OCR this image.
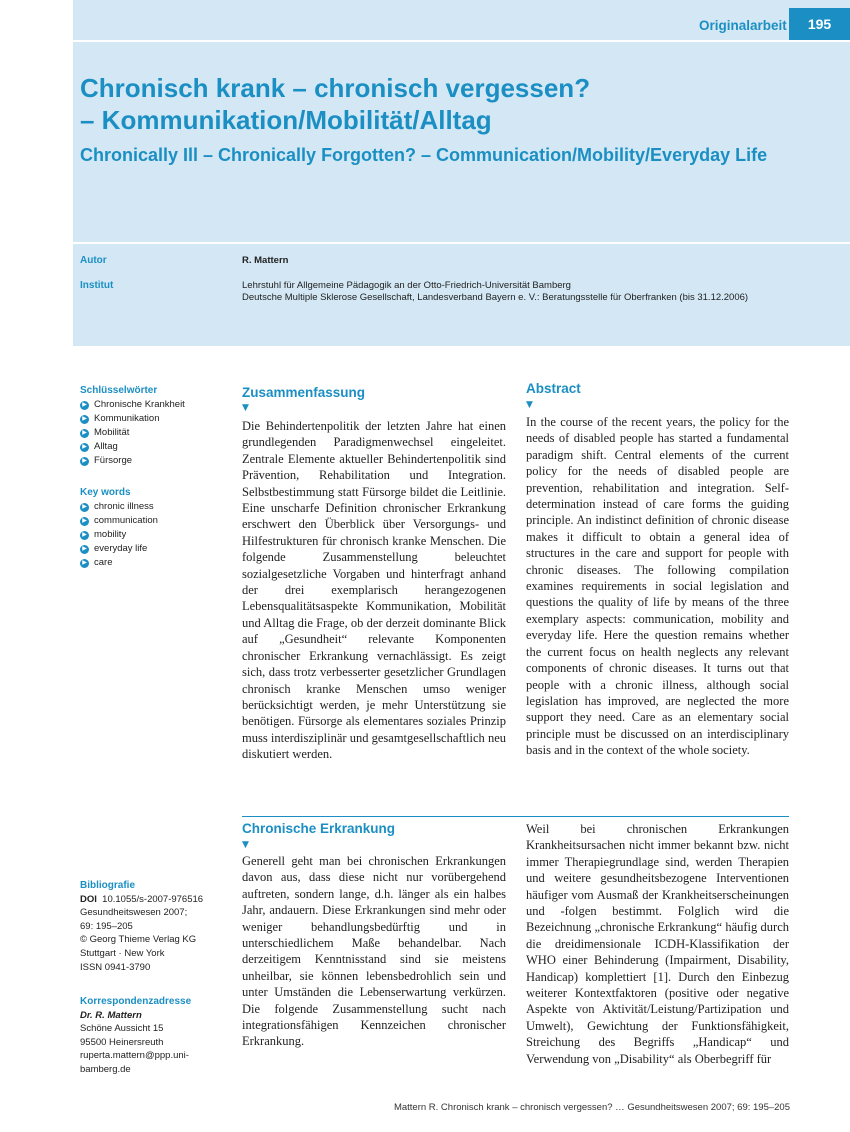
Originalarbeit	195
Chronisch krank – chronisch vergessen?
– Kommunikation/Mobilität/Alltag
Chronically Ill – Chronically Forgotten? – Communication/Mobility/Everyday Life
Autor	R. Mattern
Institut	Lehrstuhl für Allgemeine Pädagogik an der Otto-Friedrich-Universität Bamberg
Deutsche Multiple Sklerose Gesellschaft, Landesverband Bayern e. V.: Beratungsstelle für Oberfranken (bis 31.12.2006)
Schlüsselwörter
▶ Chronische Krankheit
▶ Kommunikation
▶ Mobilität
▶ Alltag
▶ Fürsorge
Key words
▶ chronic illness
▶ communication
▶ mobility
▶ everyday life
▶ care
Zusammenfassung
▼

Die Behindertenpolitik der letzten Jahre hat einen grundlegenden Paradigmenwechsel eingeleitet. Zentrale Elemente aktueller Behindertenpolitik sind Prävention, Rehabilitation und Integration. Selbstbestimmung statt Fürsorge bildet die Leitlinie. Eine unscharfe Definition chronischer Erkrankung erschwert den Überblick über Versorgungs- und Hilfestrukturen für chronisch kranke Menschen. Die folgende Zusammenstellung beleuchtet sozialgesetzliche Vorgaben und hinterfragt anhand der drei exemplarisch herangezogenen Lebensqualitätsaspekte Kommunikation, Mobilität und Alltag die Frage, ob der derzeit dominante Blick auf „Gesundheit“ relevante Komponenten chronischer Erkrankung vernachlässigt. Es zeigt sich, dass trotz verbesserter gesetzlicher Grundlagen chronisch kranke Menschen umso weniger berücksichtigt werden, je mehr Unterstützung sie benötigen. Fürsorge als elementares soziales Prinzip muss interdisziplinär und gesamtgesellschaftlich neu diskutiert werden.

Abstract
▼

In the course of the recent years, the policy for the needs of disabled people has started a fundamental paradigm shift. Central elements of the current policy for the needs of disabled people are prevention, rehabilitation and integration. Self-determination instead of care forms the guiding principle. An indistinct definition of chronic disease makes it difficult to obtain a general idea of structures in the care and support for people with chronic diseases. The following compilation examines requirements in social legislation and questions the quality of life by means of the three exemplary aspects: communication, mobility and everyday life. Here the question remains whether the current focus on health neglects any relevant components of chronic diseases. It turns out that people with a chronic illness, although social legislation has improved, are neglected the more support they need. Care as an elementary social principle must be discussed on an interdisciplinary basis and in the context of the whole society.

Chronische Erkrankung
▼

Generell geht man bei chronischen Erkrankungen davon aus, dass diese nicht nur vorübergehend auftreten, sondern lange, d.h. länger als ein halbes Jahr, andauern. Diese Erkrankungen sind mehr oder weniger behandlungsbedürftig und in unterschiedlichem Maße behandelbar. Nach derzeitigem Kenntnisstand sind sie meistens unheilbar, sie können lebensbedrohlich sein und unter Umständen die Lebenserwartung verkürzen. Die folgende Zusammenstellung sucht nach integrationsfähigen Kennzeichen chronischer Erkrankung.

Weil bei chronischen Erkrankungen Krankheitsursachen nicht immer bekannt bzw. nicht immer Therapiegrundlage sind, werden Therapien und weitere gesundheitsbezogene Interventionen häufiger vom Ausmaß der Krankheitserscheinungen und -folgen bestimmt. Folglich wird die Bezeichnung „chronische Erkrankung“ häufig durch die dreidimensionale ICDH-Klassifikation der WHO einer Behinderung (Impairment, Disability, Handicap) komplettiert [1]. Durch den Einbezug weiterer Kontextfaktoren (positive oder negative Aspekte von Aktivität/Leistung/Partizipation und Umwelt), Gewichtung der Funktionsfähigkeit, Streichung des Begriffs „Handicap“ und Verwendung von „Disability“ als Oberbegriff für

Bibliografie
DOI 10.1055/s-2007-976516
Gesundheitswesen 2007;
69: 195–205
© Georg Thieme Verlag KG
Stuttgart · New York
ISSN 0941-3790
Korrespondenzadresse
Dr. R. Mattern
Schöne Aussicht 15
95500 Heinersreuth
ruperta.mattern@ppp.uni-
bamberg.de
Mattern R. Chronisch krank – chronisch vergessen? … Gesundheitswesen 2007; 69: 195–205
